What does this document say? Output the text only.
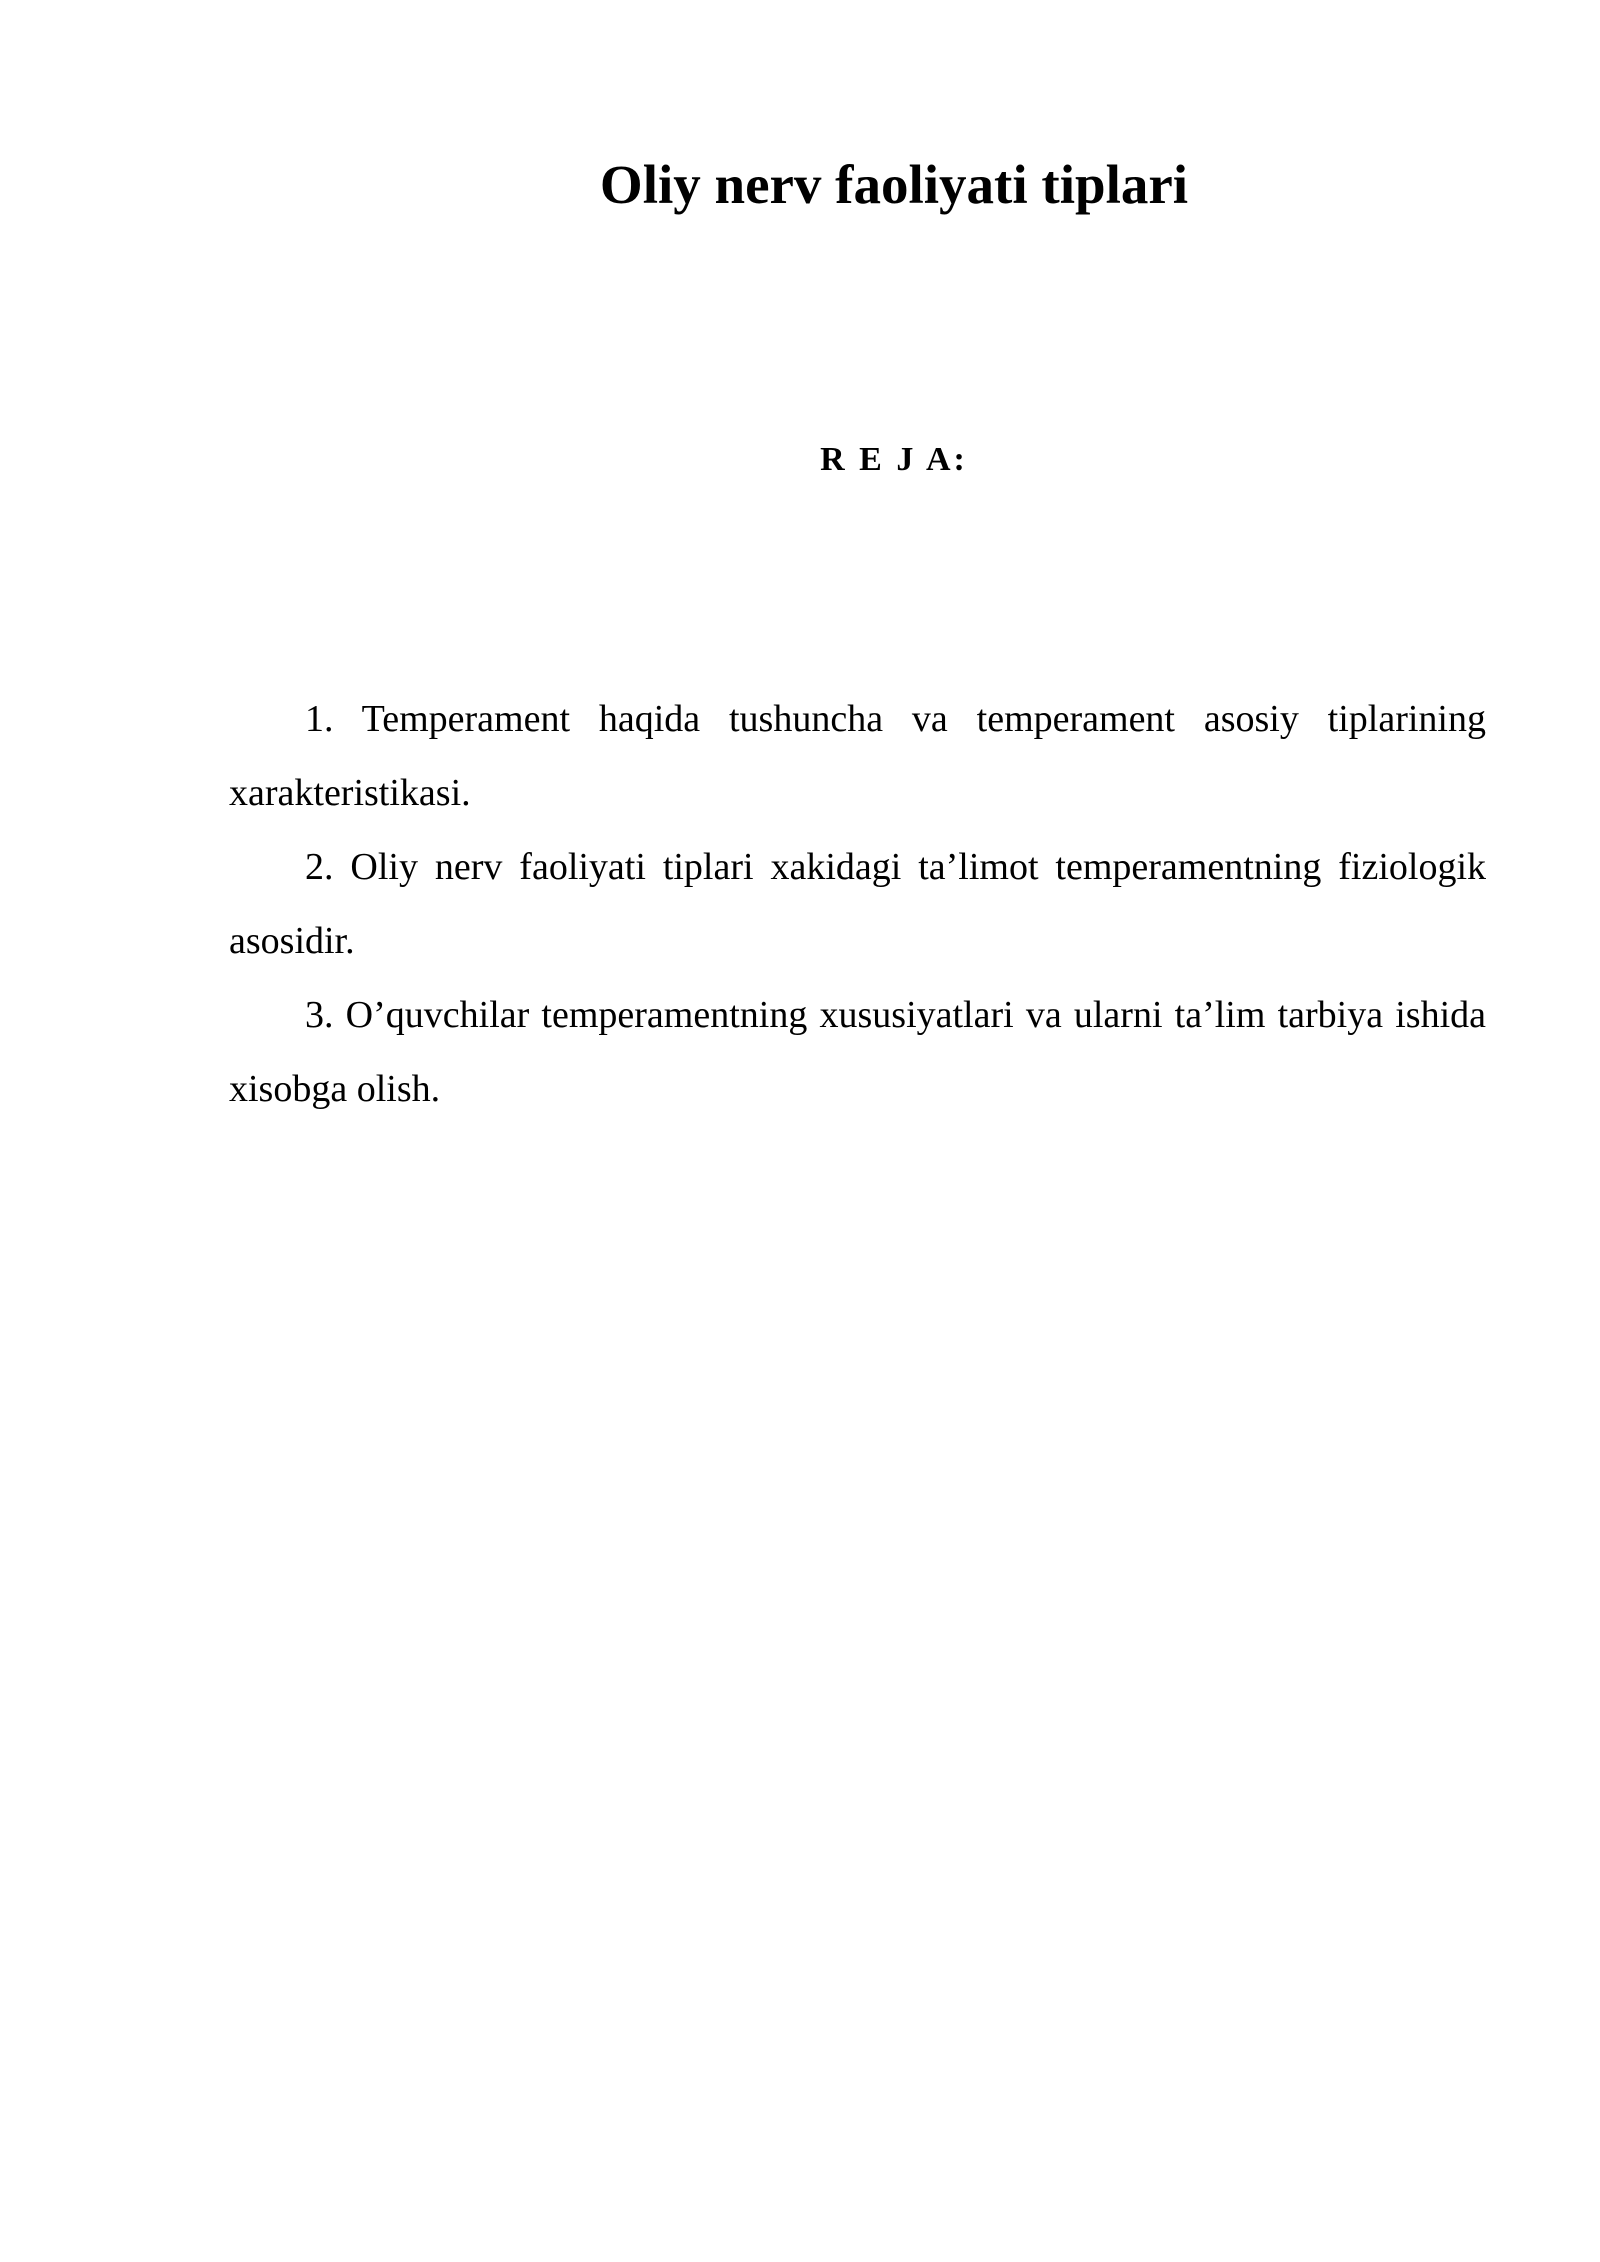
Oliy nerv faoliyati tiplari
R E J A:
1. Temperament haqida tushuncha va temperament asosiy tiplarining xarakteristikasi.
2. Oliy nerv faoliyati tiplari xakidagi ta’limot temperamentning fiziologik asosidir.
3. O’quvchilar temperamentning xususiyatlari va ularni ta’lim tarbiya ishida xisobga olish.
